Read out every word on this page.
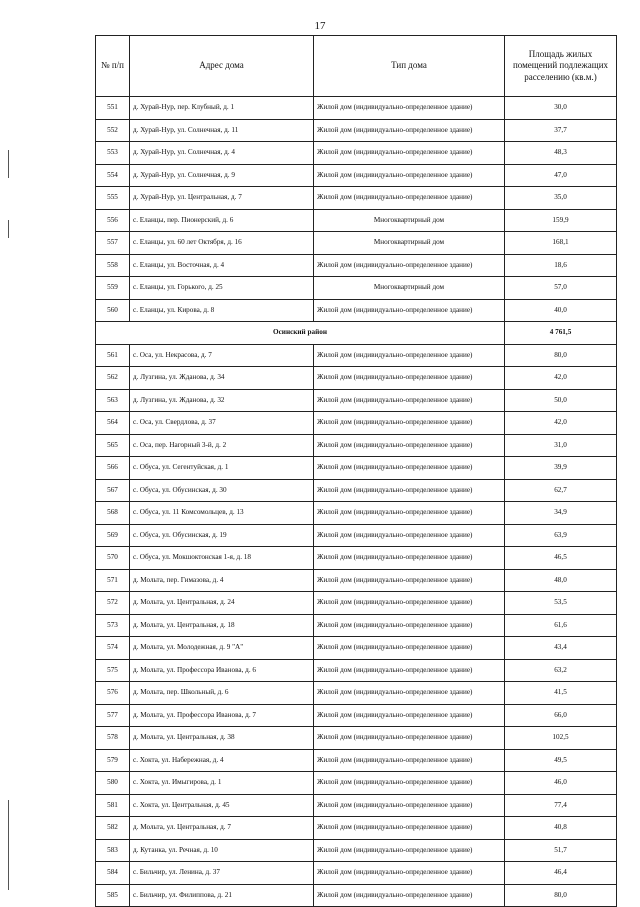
17
№ п/п	Адрес дома	Тип дома	Площадь жилых помещений подлежащих расселению (кв.м.)
551	д. Хурай-Нур, пер. Клубный, д. 1	Жилой дом (индивидуально-определенное здание)	30,0
552	д. Хурай-Нур, ул. Солнечная, д. 11	Жилой дом (индивидуально-определенное здание)	37,7
553	д. Хурай-Нур, ул. Солнечная, д. 4	Жилой дом (индивидуально-определенное здание)	48,3
554	д. Хурай-Нур, ул. Солнечная, д. 9	Жилой дом (индивидуально-определенное здание)	47,0
555	д. Хурай-Нур, ул. Центральная, д. 7	Жилой дом (индивидуально-определенное здание)	35,0
556	с. Еланцы, пер. Пионерский, д. 6	Многоквартирный дом	159,9
557	с. Еланцы, ул. 60 лет Октября, д. 16	Многоквартирный дом	168,1
558	с. Еланцы, ул. Восточная, д. 4	Жилой дом (индивидуально-определенное здание)	18,6
559	с. Еланцы, ул. Горького, д. 25	Многоквартирный дом	57,0
560	с. Еланцы, ул. Кирова, д. 8	Жилой дом (индивидуально-определенное здание)	40,0
Осинский район			4 761,5
561	с. Оса, ул. Некрасова, д. 7	Жилой дом (индивидуально-определенное здание)	80,0
562	д. Лузгина, ул. Жданова, д. 34	Жилой дом (индивидуально-определенное здание)	42,0
563	д. Лузгина, ул. Жданова, д. 32	Жилой дом (индивидуально-определенное здание)	50,0
564	с. Оса, ул. Свердлова, д. 37	Жилой дом (индивидуально-определенное здание)	42,0
565	с. Оса, пер. Нагорный 3-й, д. 2	Жилой дом (индивидуально-определенное здание)	31,0
566	с. Обуса, ул. Сегентуйская, д. 1	Жилой дом (индивидуально-определенное здание)	39,9
567	с. Обуса, ул. Обусинская, д. 30	Жилой дом (индивидуально-определенное здание)	62,7
568	с. Обуса, ул. 11 Комсомольцев, д. 13	Жилой дом (индивидуально-определенное здание)	34,9
569	с. Обуса, ул. Обусинская, д. 19	Жилой дом (индивидуально-определенное здание)	63,9
570	с. Обуса, ул. Мокшоктонская 1-я, д. 18	Жилой дом (индивидуально-определенное здание)	46,5
571	д. Мольта, пер. Гимазова, д. 4	Жилой дом (индивидуально-определенное здание)	48,0
572	д. Мольта, ул. Центральная, д. 24	Жилой дом (индивидуально-определенное здание)	53,5
573	д. Мольта, ул. Центральная, д. 18	Жилой дом (индивидуально-определенное здание)	61,6
574	д. Мольта, ул. Молодежная, д. 9 "А"	Жилой дом (индивидуально-определенное здание)	43,4
575	д. Мольта, ул. Профессора Иванова, д. 6	Жилой дом (индивидуально-определенное здание)	63,2
576	д. Мольта, пер. Школьный, д. 6	Жилой дом (индивидуально-определенное здание)	41,5
577	д. Мольта, ул. Профессора Иванова, д. 7	Жилой дом (индивидуально-определенное здание)	66,0
578	д. Мольта, ул. Центральная, д. 38	Жилой дом (индивидуально-определенное здание)	102,5
579	с. Хокта, ул. Набережная, д. 4	Жилой дом (индивидуально-определенное здание)	49,5
580	с. Хокта, ул. Имыгирова, д. 1	Жилой дом (индивидуально-определенное здание)	46,0
581	с. Хокта, ул. Центральная, д. 45	Жилой дом (индивидуально-определенное здание)	77,4
582	д. Мольта, ул. Центральная, д. 7	Жилой дом (индивидуально-определенное здание)	40,8
583	д. Кутанка, ул. Речная, д. 10	Жилой дом (индивидуально-определенное здание)	51,7
584	с. Бильчир, ул. Ленина, д. 37	Жилой дом (индивидуально-определенное здание)	46,4
585	с. Бильчир, ул. Филиппова, д. 21	Жилой дом (индивидуально-определенное здание)	80,0
